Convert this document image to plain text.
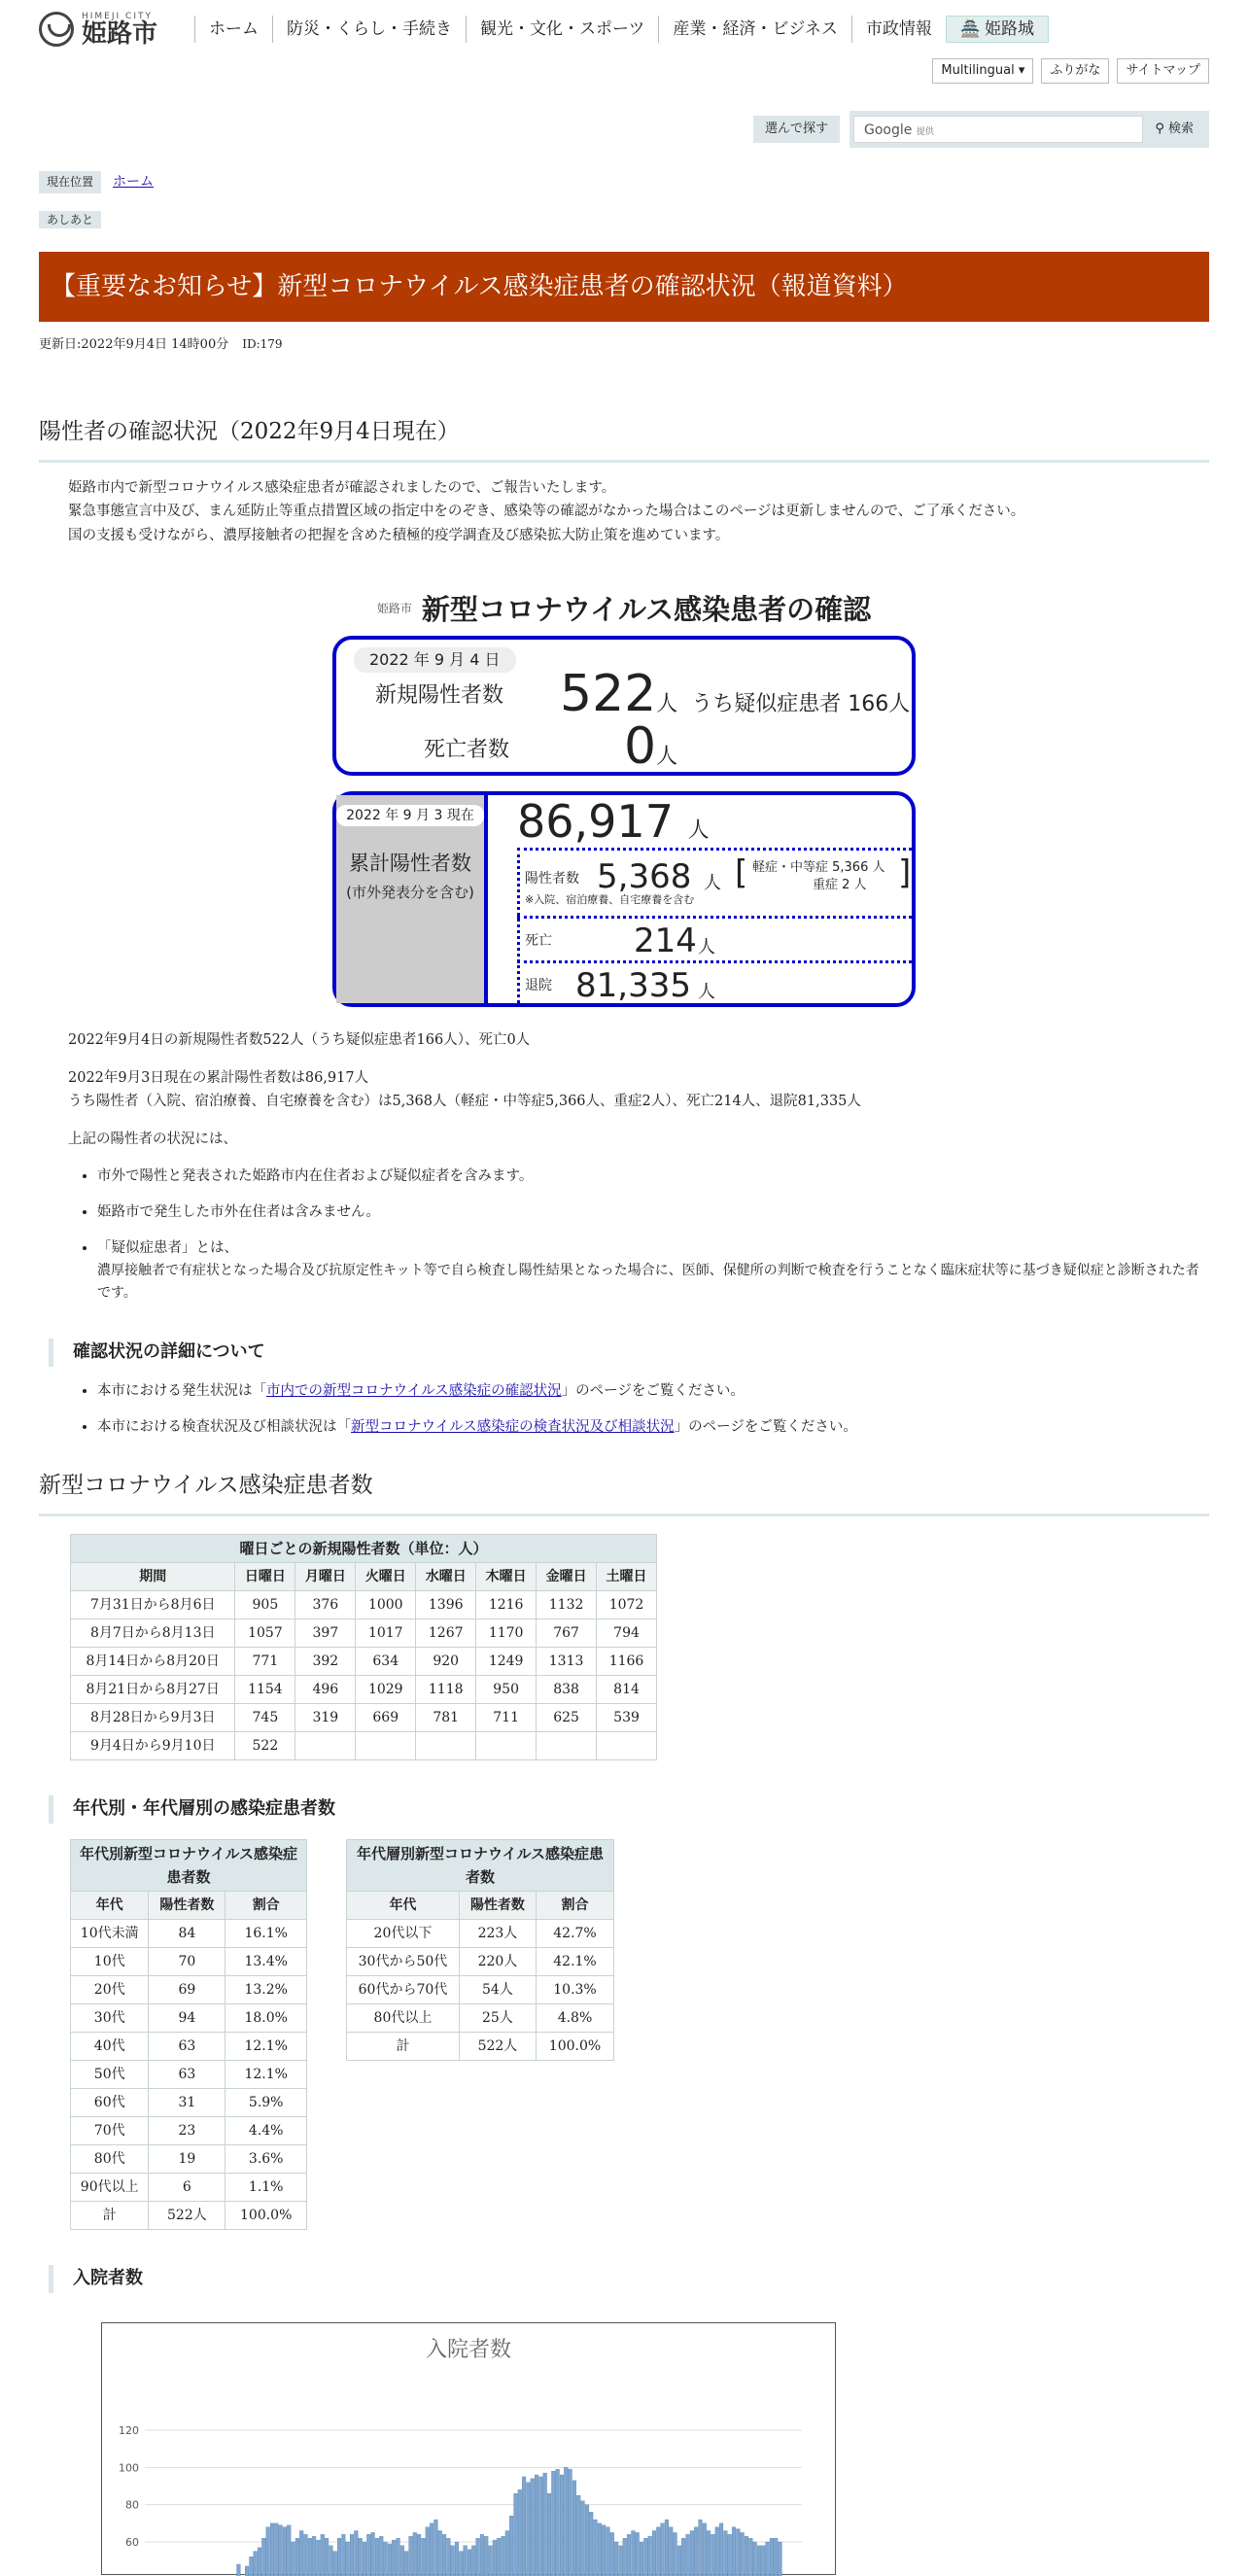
HIMEJI CITY
姫路市	ホーム	防災・くらし・手続き	観光・文化・スポーツ	産業・経済・ビジネス	市政情報	🏯 姫路城
Multilingual ▾	ふりがな	サイトマップ
選んで探す	Google 提供	⚲ 検索
現在位置	ホーム
あしあと
【重要なお知らせ】新型コロナウイルス感染症患者の確認状況（報道資料）
更新日:2022年9月4日 14時00分 ID:179
陽性者の確認状況（2022年9月4日現在）
姫路市内で新型コロナウイルス感染症患者が確認されましたので、ご報告いたします。
緊急事態宣言中及び、まん延防止等重点措置区域の指定中をのぞき、感染等の確認がなかった場合はこのページは更新しませんので、ご了承ください。
国の支援も受けながら、濃厚接触者の把握を含めた積極的疫学調査及び感染拡大防止策を進めています。
姫路市 新型コロナウイルス感染患者の確認
2022 年 9 月 4 日
新規陽性者数 522 人 うち疑似症患者 166人
死亡者数 0 人
2022 年 9 月 3 現在
累計陽性者数
(市外発表分を含む)
86,917 人
陽性者数 5,368 人
※入院、宿泊療養、自宅療養を含む
[ 軽症・中等症 5,366 人
重症 2 人 ]
死亡 214 人
退院 81,335 人
2022年9月4日の新規陽性者数522人（うち疑似症患者166人）、死亡0人
2022年9月3日現在の累計陽性者数は86,917人
うち陽性者（入院、宿泊療養、自宅療養を含む）は5,368人（軽症・中等症5,366人、重症2人）、死亡214人、退院81,335人
上記の陽性者の状況には、
• 市外で陽性と発表された姫路市内在住者および疑似症者を含みます。
• 姫路市で発生した市外在住者は含みません。
• 「疑似症患者」とは、
濃厚接触者で有症状となった場合及び抗原定性キット等で自ら検査し陽性結果となった場合に、医師、保健所の判断で検査を行うことなく臨床症状等に基づき疑似症と診断された者です。
確認状況の詳細について
• 本市における発生状況は「市内での新型コロナウイルス感染症の確認状況」のページをご覧ください。
• 本市における検査状況及び相談状況は「新型コロナウイルス感染症の検査状況及び相談状況」のページをご覧ください。
新型コロナウイルス感染症患者数
曜日ごとの新規陽性者数（単位：人）							
期間	日曜日	月曜日	火曜日	水曜日	木曜日	金曜日	土曜日
7月31日から8月6日	905	376	1000	1396	1216	1132	1072
8月7日から8月13日	1057	397	1017	1267	1170	767	794
8月14日から8月20日	771	392	634	920	1249	1313	1166
8月21日から8月27日	1154	496	1029	1118	950	838	814
8月28日から9月3日	745	319	669	781	711	625	539
9月4日から9月10日	522						
年代別・年代層別の感染症患者数
年代別新型コロナウイルス感染症患者数		
年代	陽性者数	割合
10代未満	84	16.1%
10代	70	13.4%
20代	69	13.2%
30代	94	18.0%
40代	63	12.1%
50代	63	12.1%
60代	31	5.9%
70代	23	4.4%
80代	19	3.6%
90代以上	6	1.1%
計	522人	100.0%
年代層別新型コロナウイルス感染症患者数		
年代	陽性者数	割合
20代以下	223人	42.7%
30代から50代	220人	42.1%
60代から70代	54人	10.3%
80代以上	25人	4.8%
計	522人	100.0%
入院者数
入院者数
120
100
80
60
